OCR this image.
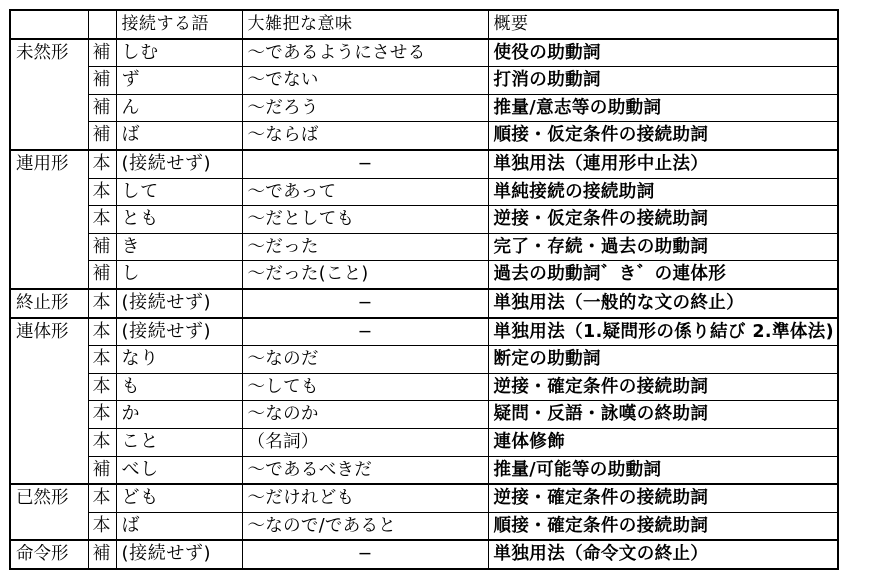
		接続する語	大雑把な意味	概要
未然形	補	しむ	〜であるようにさせる	使役の助動詞
	補	ず	〜でない	打消の助動詞
	補	ん	〜だろう	推量/意志等の助動詞
	補	ば	〜ならば	順接・仮定条件の接続助詞
連用形	本	(接続せず)	−	単独用法（連用形中止法）
	本	して	〜であって	単純接続の接続助詞
	本	とも	〜だとしても	逆接・仮定条件の接続助詞
	補	き	〜だった	完了・存続・過去の助動詞
	補	し	〜だった(こと)	過去の助動詞゛き゛の連体形
終止形	本	(接続せず)	−	単独用法（一般的な文の終止）
連体形	本	(接続せず)	−	単独用法（1.疑問形の係り結び 2.準体法)
	本	なり	〜なのだ	断定の助動詞
	本	も	〜しても	逆接・確定条件の接続助詞
	本	か	〜なのか	疑問・反語・詠嘆の終助詞
	本	こと	（名詞）	連体修飾
	補	べし	〜であるべきだ	推量/可能等の助動詞
已然形	本	ども	〜だけれども	逆接・確定条件の接続助詞
	本	ば	〜なので/であると	順接・確定条件の接続助詞
命令形	補	(接続せず)	−	単独用法（命令文の終止）
